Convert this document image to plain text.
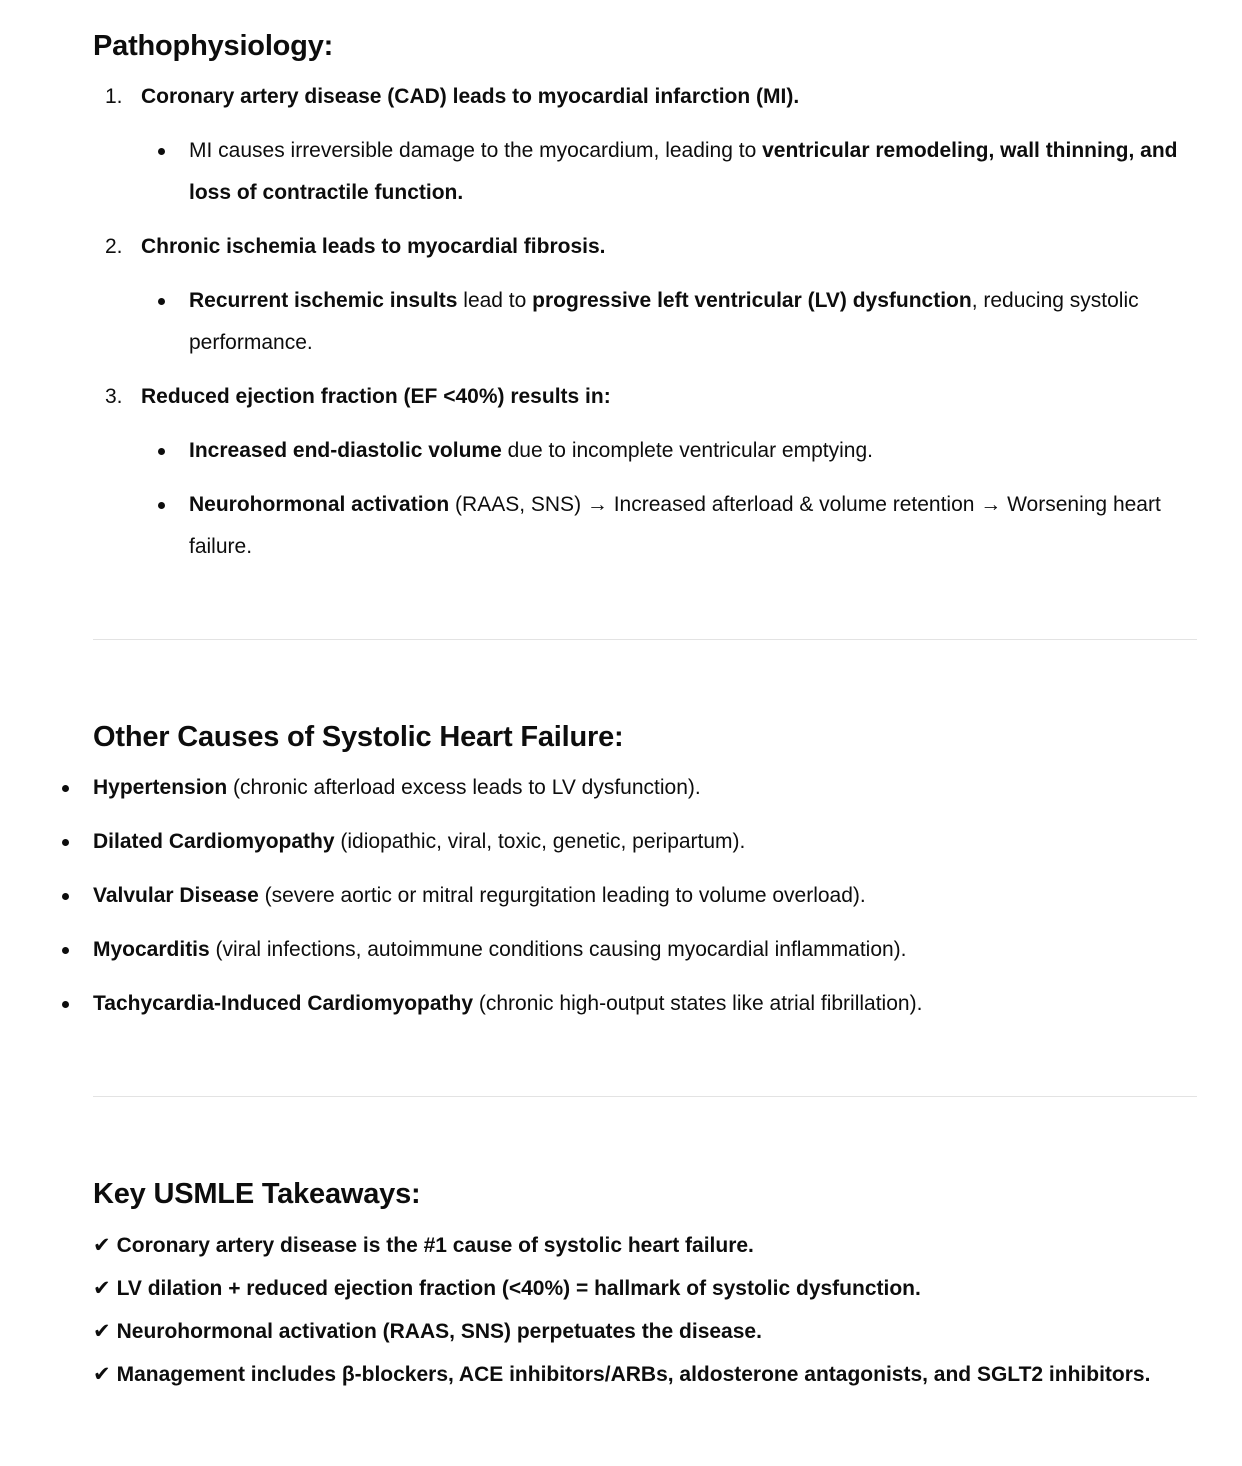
Pathophysiology:
1. Coronary artery disease (CAD) leads to myocardial infarction (MI).
MI causes irreversible damage to the myocardium, leading to ventricular remodeling, wall thinning, and loss of contractile function.
2. Chronic ischemia leads to myocardial fibrosis.
Recurrent ischemic insults lead to progressive left ventricular (LV) dysfunction, reducing systolic performance.
3. Reduced ejection fraction (EF <40%) results in:
Increased end-diastolic volume due to incomplete ventricular emptying.
Neurohormonal activation (RAAS, SNS) → Increased afterload & volume retention → Worsening heart failure.
Other Causes of Systolic Heart Failure:
Hypertension (chronic afterload excess leads to LV dysfunction).
Dilated Cardiomyopathy (idiopathic, viral, toxic, genetic, peripartum).
Valvular Disease (severe aortic or mitral regurgitation leading to volume overload).
Myocarditis (viral infections, autoimmune conditions causing myocardial inflammation).
Tachycardia-Induced Cardiomyopathy (chronic high-output states like atrial fibrillation).
Key USMLE Takeaways:
✔ Coronary artery disease is the #1 cause of systolic heart failure.
✔ LV dilation + reduced ejection fraction (<40%) = hallmark of systolic dysfunction.
✔ Neurohormonal activation (RAAS, SNS) perpetuates the disease.
✔ Management includes β-blockers, ACE inhibitors/ARBs, aldosterone antagonists, and SGLT2 inhibitors.
